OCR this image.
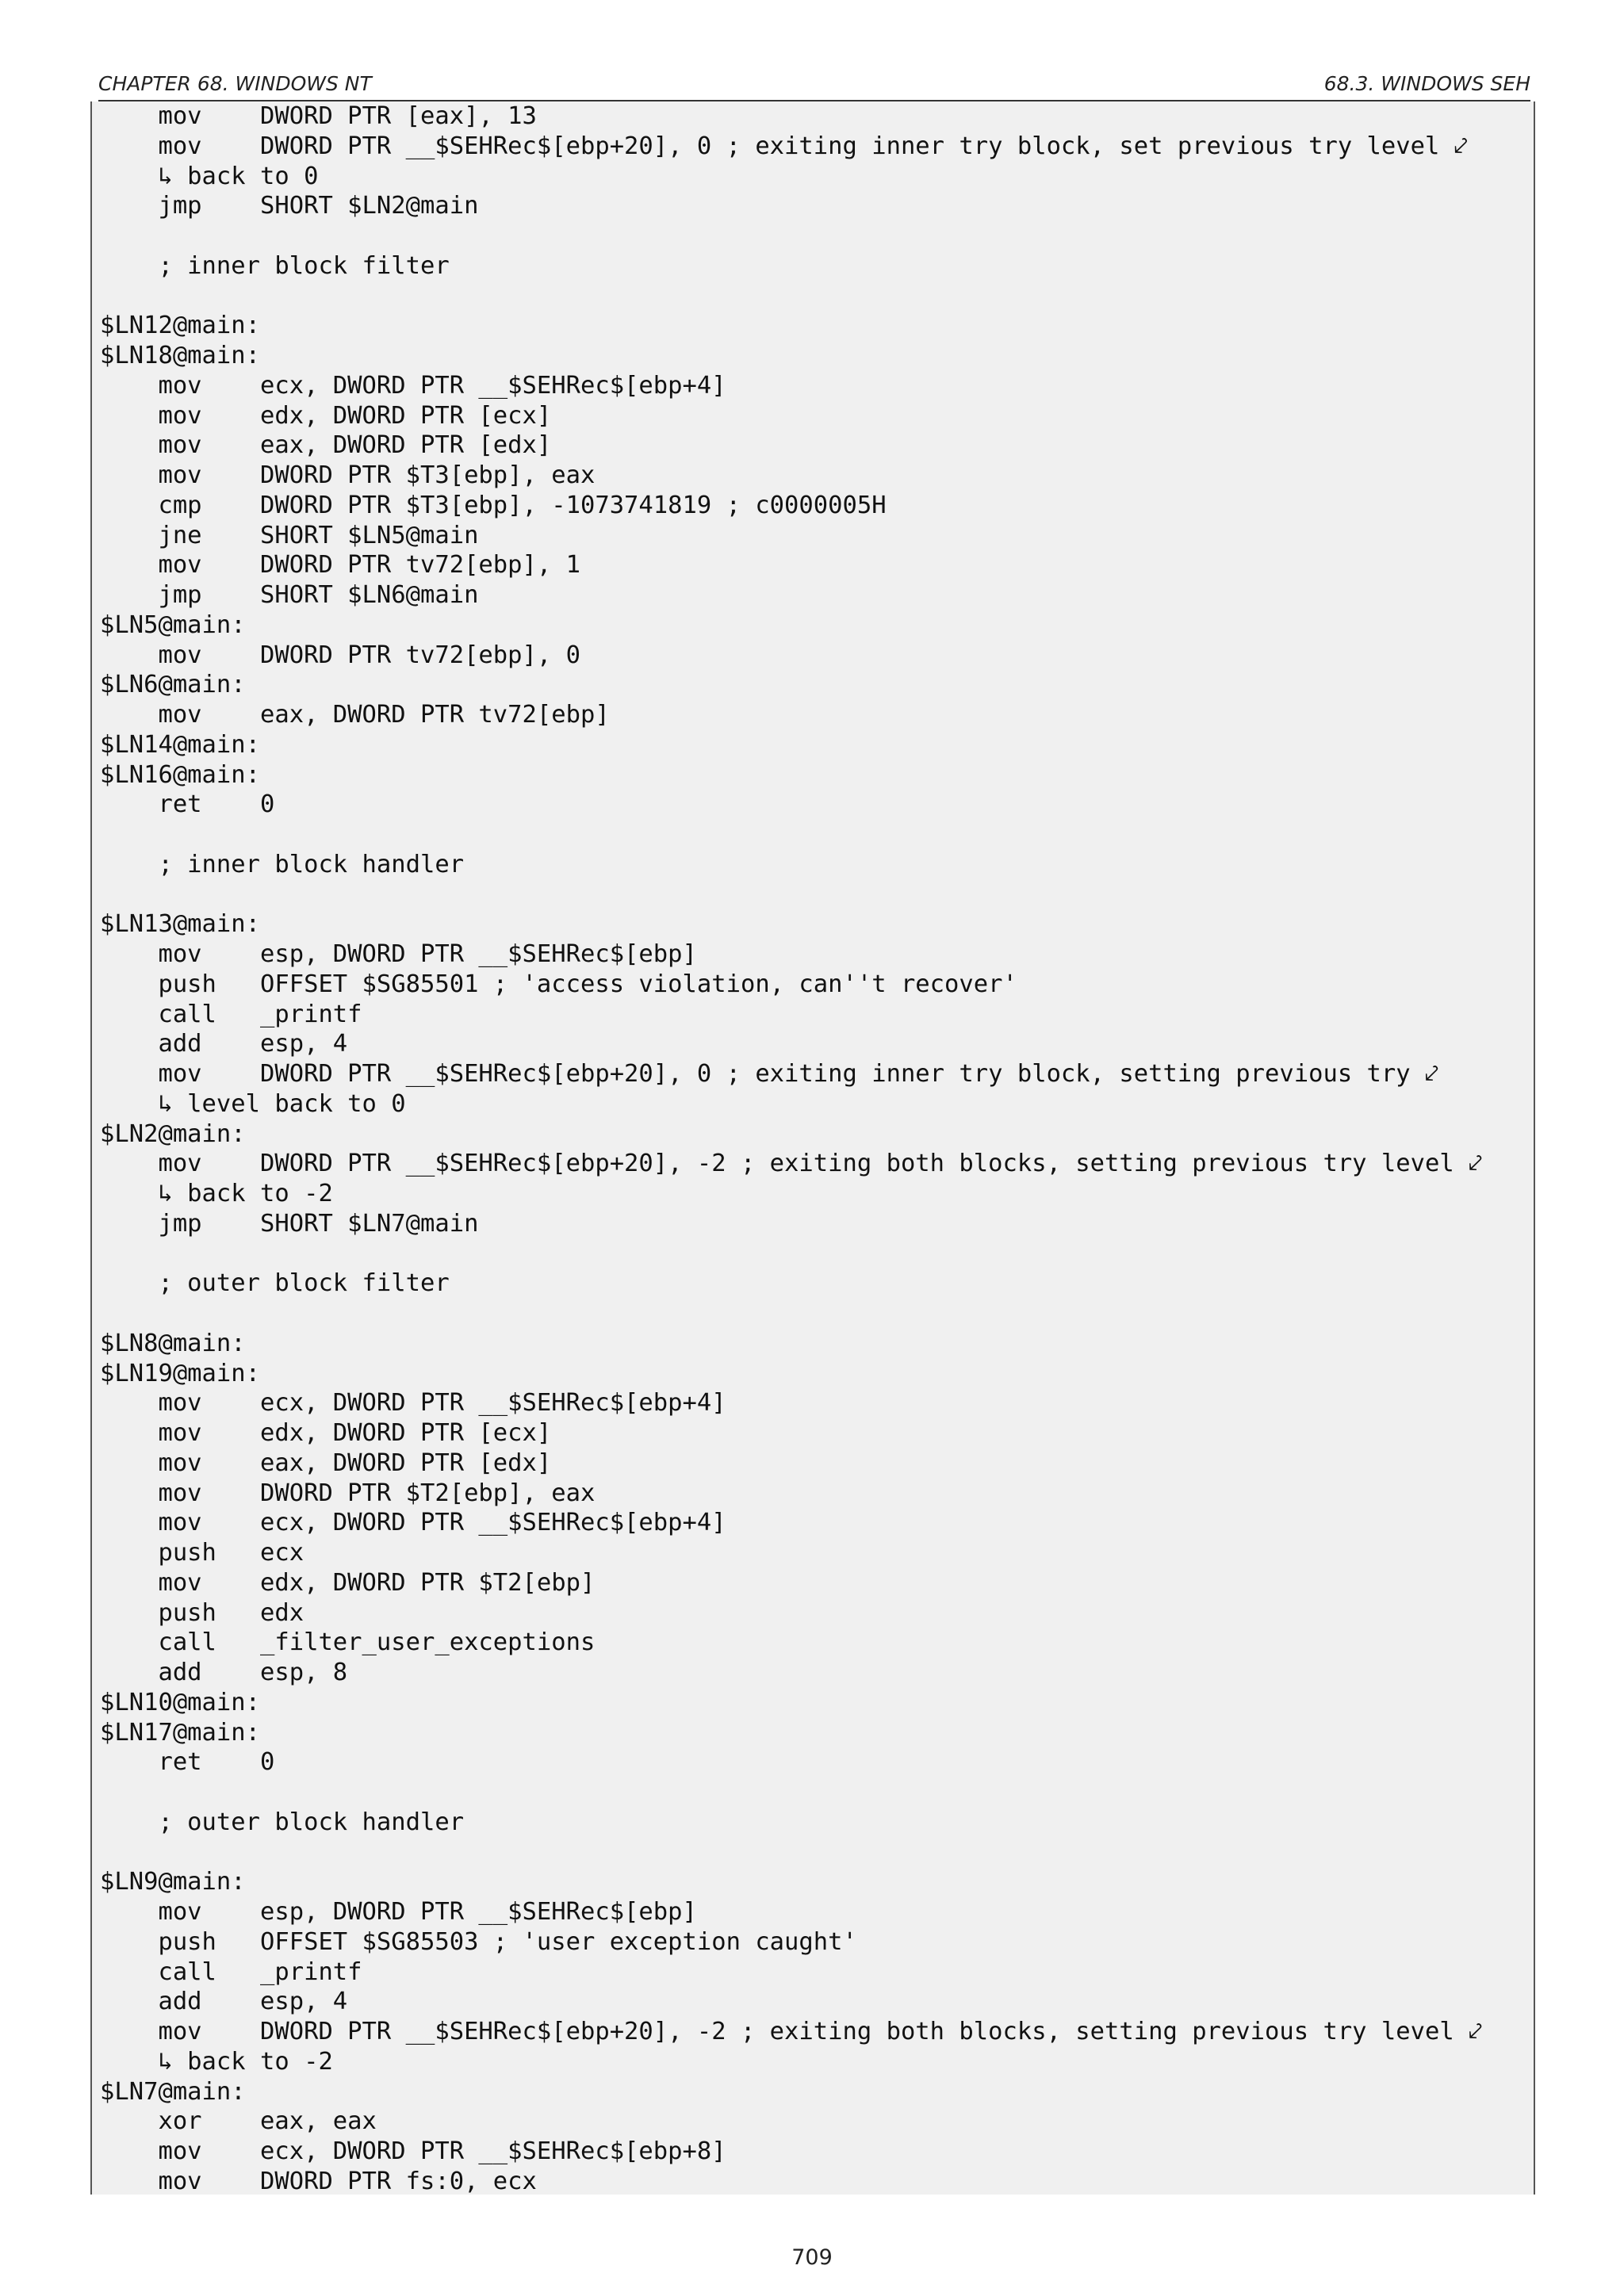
CHAPTER 68. WINDOWS NT	68.3. WINDOWS SEH
mov    DWORD PTR [eax], 13
mov    DWORD PTR __$SEHRec$[ebp+20], 0 ; exiting inner try block, set previous try level ⤦
↳ back to 0
jmp    SHORT $LN2@main
; inner block filter
$LN12@main:
$LN18@main:
mov    ecx, DWORD PTR __$SEHRec$[ebp+4]
mov    edx, DWORD PTR [ecx]
mov    eax, DWORD PTR [edx]
mov    DWORD PTR $T3[ebp], eax
cmp    DWORD PTR $T3[ebp], -1073741819 ; c0000005H
jne    SHORT $LN5@main
mov    DWORD PTR tv72[ebp], 1
jmp    SHORT $LN6@main
$LN5@main:
mov    DWORD PTR tv72[ebp], 0
$LN6@main:
mov    eax, DWORD PTR tv72[ebp]
$LN14@main:
$LN16@main:
ret    0
; inner block handler
$LN13@main:
mov    esp, DWORD PTR __$SEHRec$[ebp]
push   OFFSET $SG85501 ; 'access violation, can''t recover'
call   _printf
add    esp, 4
mov    DWORD PTR __$SEHRec$[ebp+20], 0 ; exiting inner try block, setting previous try ⤦
↳ level back to 0
$LN2@main:
mov    DWORD PTR __$SEHRec$[ebp+20], -2 ; exiting both blocks, setting previous try level ⤦
↳ back to -2
jmp    SHORT $LN7@main
; outer block filter
$LN8@main:
$LN19@main:
mov    ecx, DWORD PTR __$SEHRec$[ebp+4]
mov    edx, DWORD PTR [ecx]
mov    eax, DWORD PTR [edx]
mov    DWORD PTR $T2[ebp], eax
mov    ecx, DWORD PTR __$SEHRec$[ebp+4]
push   ecx
mov    edx, DWORD PTR $T2[ebp]
push   edx
call   _filter_user_exceptions
add    esp, 8
$LN10@main:
$LN17@main:
ret    0
; outer block handler
$LN9@main:
mov    esp, DWORD PTR __$SEHRec$[ebp]
push   OFFSET $SG85503 ; 'user exception caught'
call   _printf
add    esp, 4
mov    DWORD PTR __$SEHRec$[ebp+20], -2 ; exiting both blocks, setting previous try level ⤦
↳ back to -2
$LN7@main:
xor    eax, eax
mov    ecx, DWORD PTR __$SEHRec$[ebp+8]
mov    DWORD PTR fs:0, ecx
709
